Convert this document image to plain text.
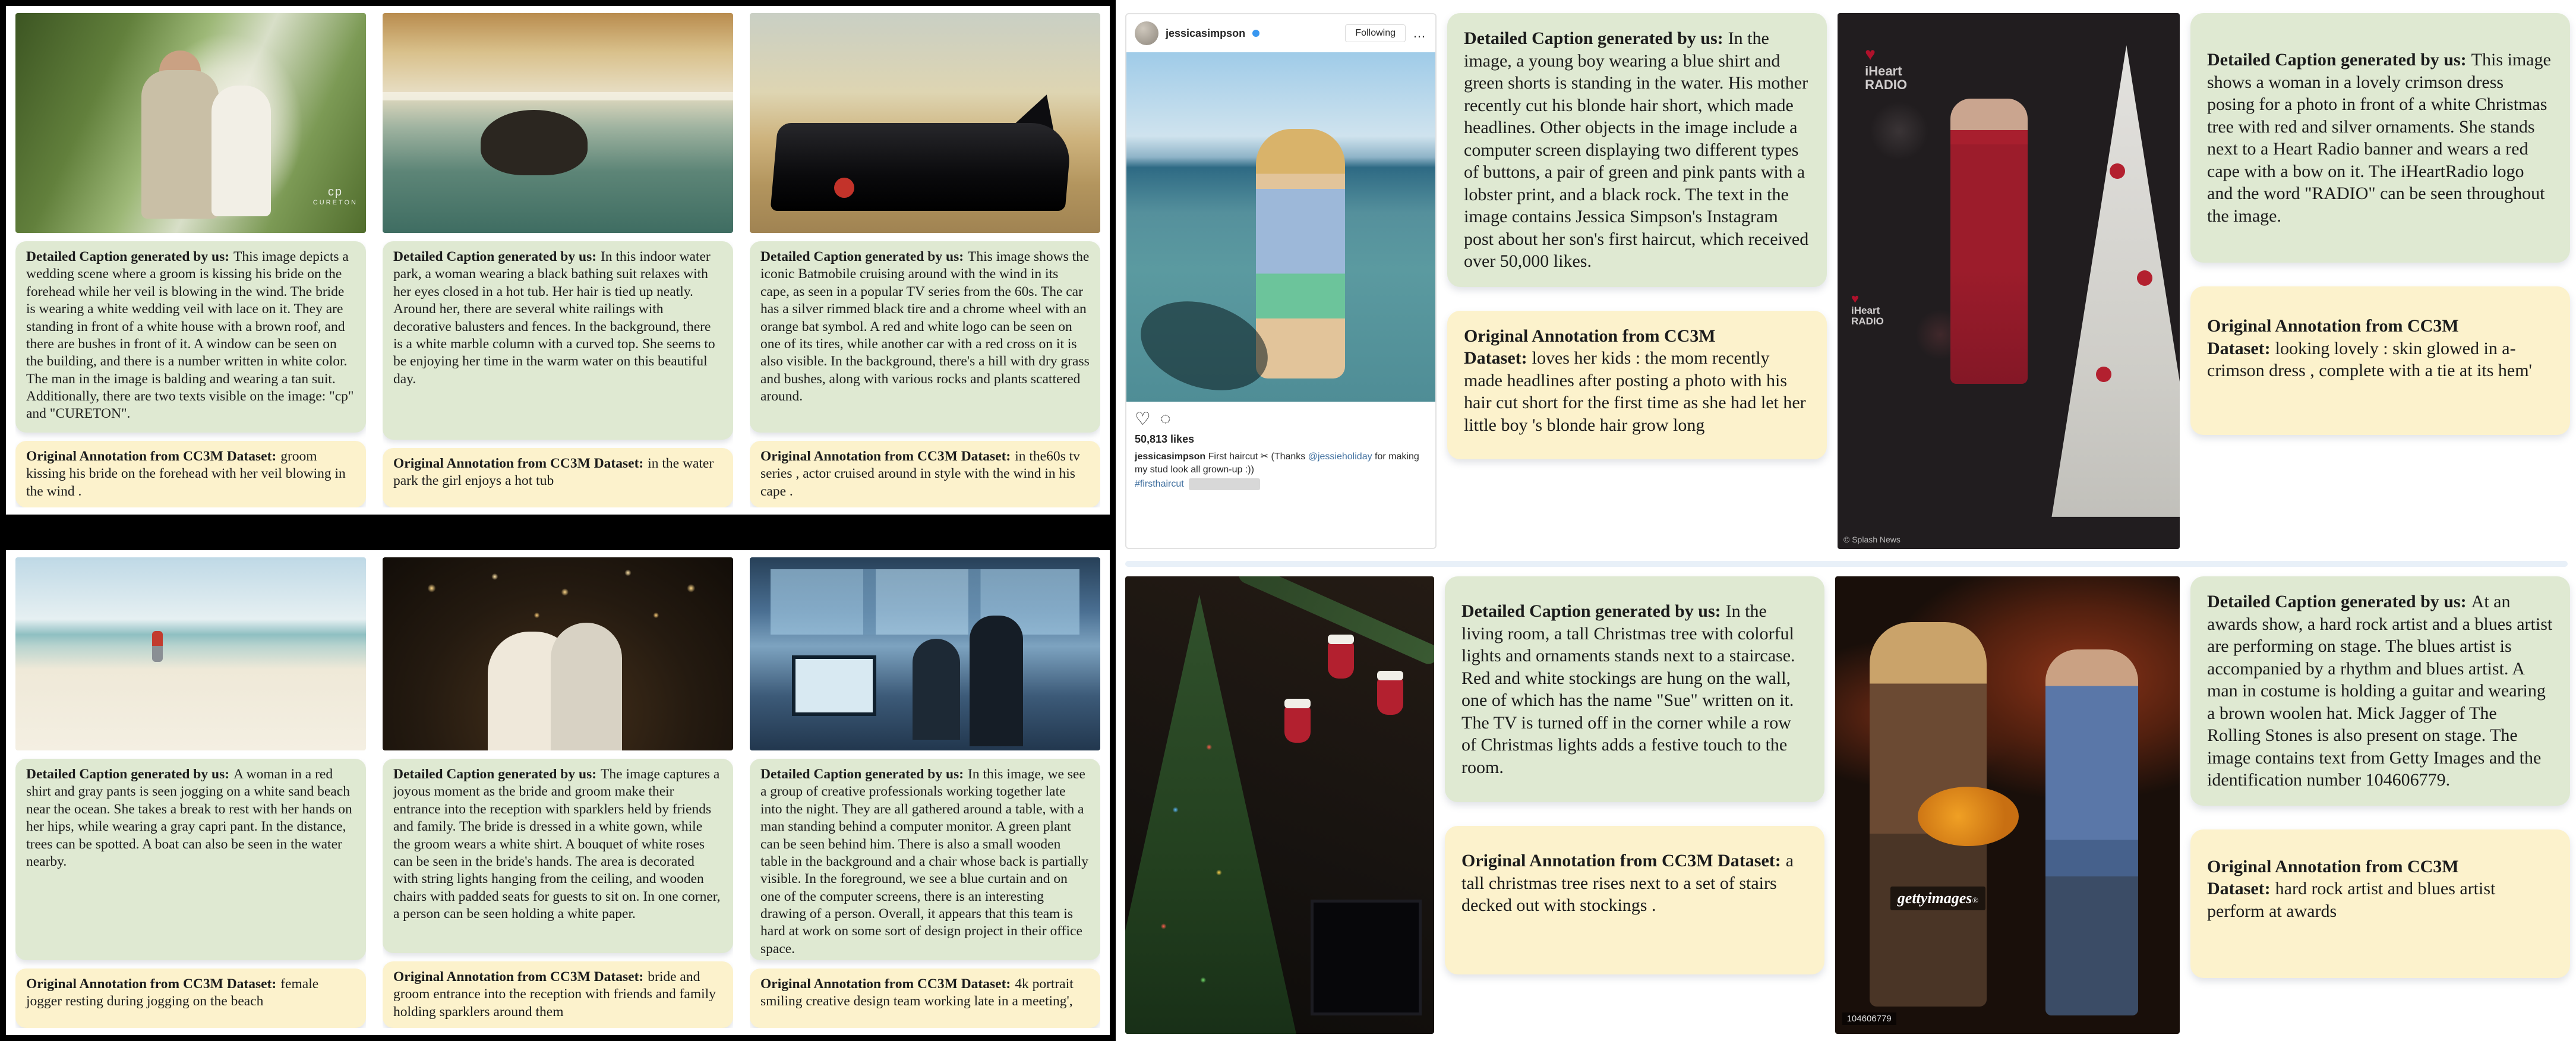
cp
CURETON
Detailed Caption generated by us: This image depicts a wedding scene where a groom is kissing his bride on the forehead while her veil is blowing in the wind. The bride is wearing a white wedding veil with lace on it. They are standing in front of a white house with a brown roof, and there are bushes in front of it. A window can be seen on the building, and there is a number written in white color. The man in the image is balding and wearing a tan suit. Additionally, there are two texts visible on the image: "cp" and "CURETON".
Original Annotation from CC3M Dataset: groom kissing his bride on the forehead with her veil blowing in the wind .
Detailed Caption generated by us: In this indoor water park, a woman wearing a black bathing suit relaxes with her eyes closed in a hot tub. Her hair is tied up neatly. Around her, there are several white railings with decorative balusters and fences. In the background, there is a white marble column with a curved top. She seems to be enjoying her time in the warm water on this beautiful day.
Original Annotation from CC3M Dataset: in the water park the girl enjoys a hot tub
Detailed Caption generated by us: This image shows the iconic Batmobile cruising around with the wind in its cape, as seen in a popular TV series from the 60s. The car has a silver rimmed black tire and a chrome wheel with an orange bat symbol. A red and white logo can be seen on one of its tires, while another car with a red cross on it is also visible. In the background, there's a hill with dry grass and bushes, along with various rocks and plants scattered around.
Original Annotation from CC3M Dataset: in the60s tv series , actor cruised around in style with the wind in his cape .
Detailed Caption generated by us: A woman in a red shirt and gray pants is seen jogging on a white sand beach near the ocean. She takes a break to rest with her hands on her hips, while wearing a gray capri pant. In the distance, trees can be spotted. A boat can also be seen in the water nearby.
Original Annotation from CC3M Dataset: female jogger resting during jogging on the beach
Detailed Caption generated by us: The image captures a joyous moment as the bride and groom make their entrance into the reception with sparklers held by friends and family. The bride is dressed in a white gown, while the groom wears a white shirt. A bouquet of white roses can be seen in the bride's hands. The area is decorated with string lights hanging from the ceiling, and wooden chairs with padded seats for guests to sit on. In one corner, a person can be seen holding a white paper.
Original Annotation from CC3M Dataset: bride and groom entrance into the reception with friends and family holding sparklers around them
Detailed Caption generated by us: In this image, we see a group of creative professionals working together late into the night. They are all gathered around a table, with a man standing behind a computer monitor. A green plant can be seen behind him. There is also a small wooden table in the background and a chair whose back is partially visible. In the foreground, we see a blue curtain and on one of the computer screens, there is an interesting drawing of a person. Overall, it appears that this team is hard at work on some sort of design project in their office space.
Original Annotation from CC3M Dataset: 4k portrait smiling creative design team working late in a meeting',
jessicasimpson	Following	…
♡ ◌
50,813 likes
jessicasimpson First haircut ✂ (Thanks @jessieholiday for making my stud look all grown-up :))
#firsthaircut
Detailed Caption generated by us: In the image, a young boy wearing a blue shirt and green shorts is standing in the water. His mother recently cut his blonde hair short, which made headlines. Other objects in the image include a computer screen displaying two different types of buttons, a pair of green and pink pants with a lobster print, and a black rock. The text in the image contains Jessica Simpson's Instagram post about her son's first haircut, which received over 50,000 likes.
Original Annotation from CC3M Dataset: loves her kids : the mom recently made headlines after posting a photo with his hair cut short for the first time as she had let her little boy 's blonde hair grow long
♥
iHeart
RADIO
♥
iHeart
RADIO
© Splash News
Detailed Caption generated by us: This image shows a woman in a lovely crimson dress posing for a photo in front of a white Christmas tree with red and silver ornaments. She stands next to a Heart Radio banner and wears a red cape with a bow on it. The iHeartRadio logo and the word "RADIO" can be seen throughout the image.
Original Annotation from CC3M Dataset: looking lovely : skin glowed in a-crimson dress , complete with a tie at its hem'
Detailed Caption generated by us: In the living room, a tall Christmas tree with colorful lights and ornaments stands next to a staircase. Red and white stockings are hung on the wall, one of which has the name "Sue" written on it. The TV is turned off in the corner while a row of Christmas lights adds a festive touch to the room.
Original Annotation from CC3M Dataset: a tall christmas tree rises next to a set of stairs decked out with stockings .	gettyimages®
104606779
Detailed Caption generated by us: At an awards show, a hard rock artist and a blues artist are performing on stage. The blues artist is accompanied by a rhythm and blues artist. A man in costume is holding a guitar and wearing a brown woolen hat. Mick Jagger of The Rolling Stones is also present on stage. The image contains text from Getty Images and the identification number 104606779.
Original Annotation from CC3M Dataset: hard rock artist and blues artist perform at awards
